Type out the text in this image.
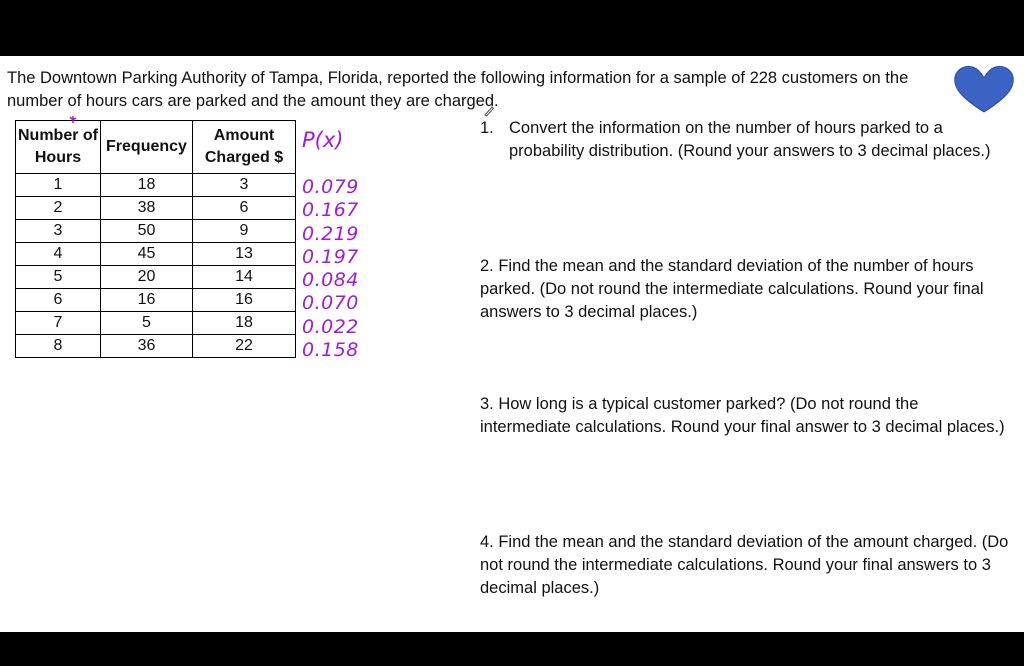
The Downtown Parking Authority of Tampa, Florida, reported the following information for a sample of 228 customers on the number of hours cars are parked and the amount they are charged.
Number of Hours	Frequency	Amount Charged $
1	18	3
2	38	6
3	50	9
4	45	13
5	20	14
6	16	16
7	5	18
8	36	22
P(x)
0.079
0.167
0.219
0.197
0.084
0.070
0.022
0.158
1. Convert the information on the number of hours parked to a probability distribution. (Round your answers to 3 decimal places.)
2. Find the mean and the standard deviation of the number of hours parked. (Do not round the intermediate calculations. Round your final answers to 3 decimal places.)
3. How long is a typical customer parked? (Do not round the intermediate calculations. Round your final answer to 3 decimal places.)
4. Find the mean and the standard deviation of the amount charged. (Do not round the intermediate calculations. Round your final answers to 3 decimal places.)
